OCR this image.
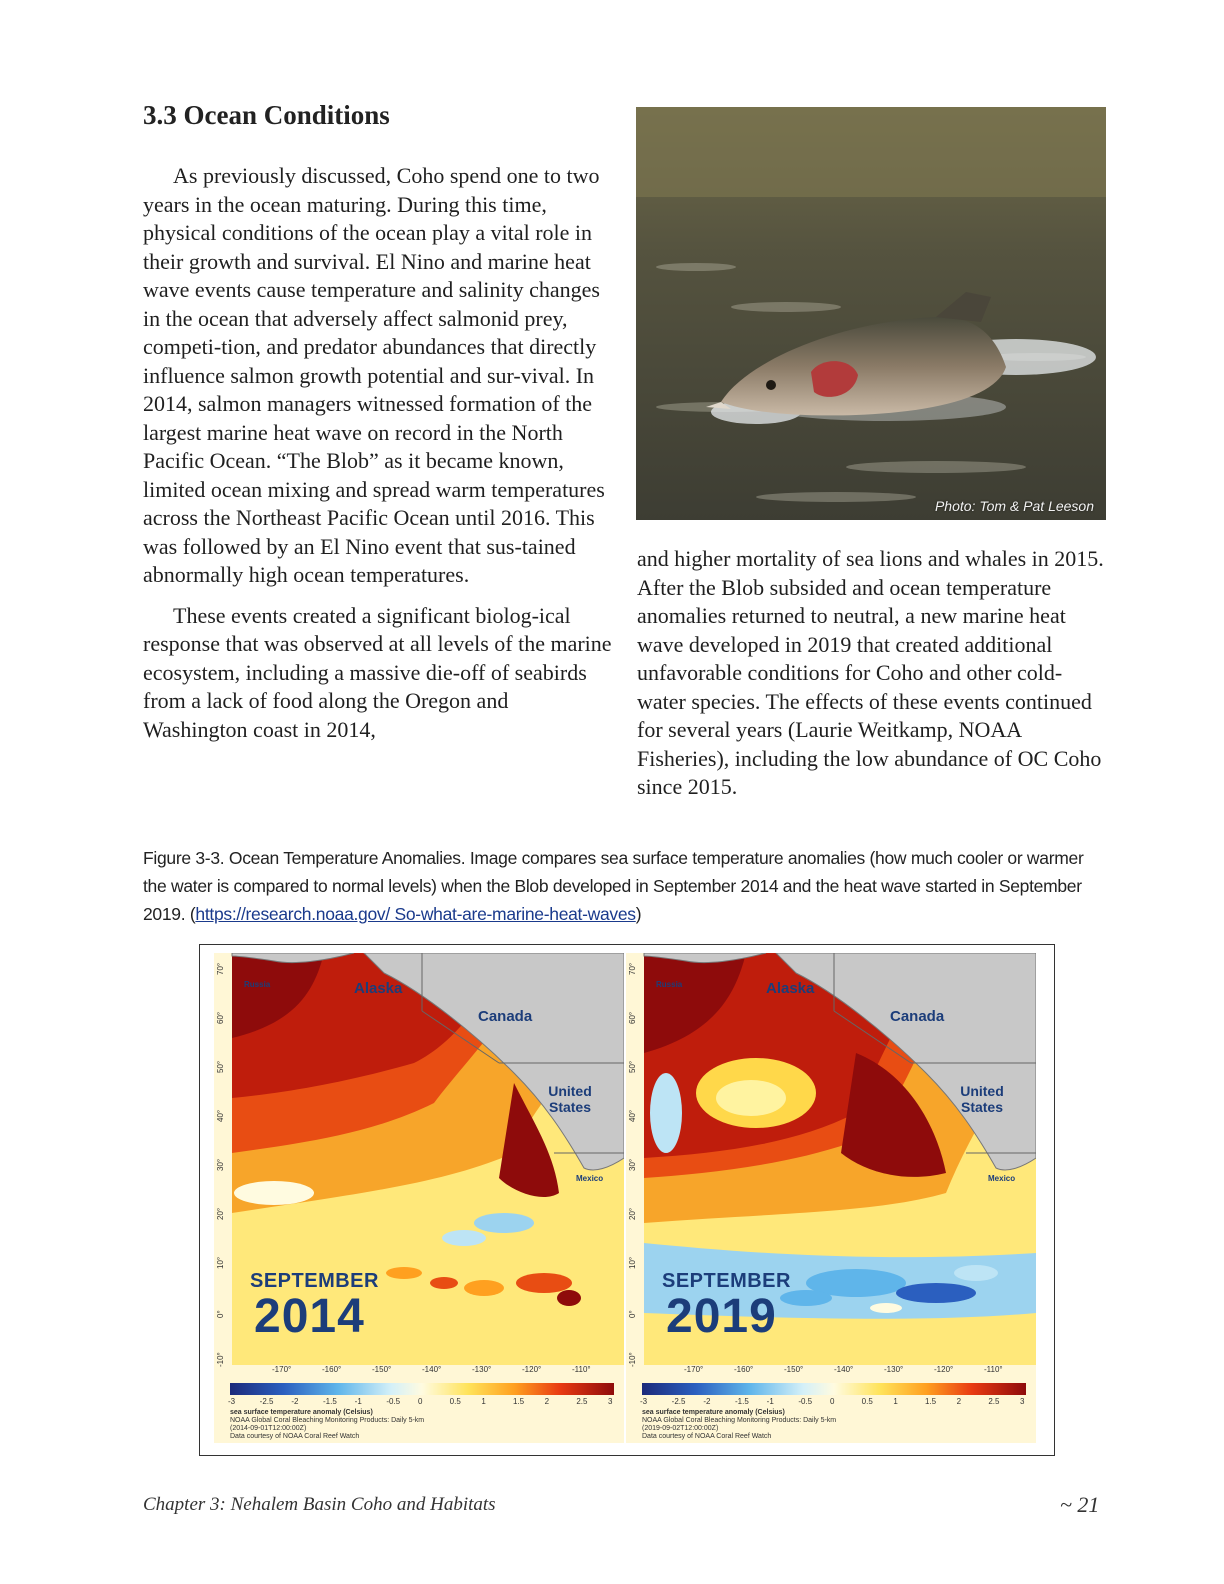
3.3 Ocean Conditions

As previously discussed, Coho spend one to two years in the ocean maturing. During this time, physical conditions of the ocean play a vital role in their growth and survival. El Nino and marine heat wave events cause temperature and salinity changes in the ocean that adversely affect salmonid prey, competi-tion, and predator abundances that directly influence salmon growth potential and sur-vival. In 2014, salmon managers witnessed formation of the largest marine heat wave on record in the North Pacific Ocean. “The Blob” as it became known, limited ocean mixing and spread warm temperatures across the Northeast Pacific Ocean until 2016. This was followed by an El Nino event that sus-tained abnormally high ocean temperatures.

These events created a significant biolog-ical response that was observed at all levels of the marine ecosystem, including a massive die-off of seabirds from a lack of food along the Oregon and Washington coast in 2014,

Photo: Tom & Pat Leeson

and higher mortality of sea lions and whales in 2015. After the Blob subsided and ocean temperature anomalies returned to neutral, a new marine heat wave developed in 2019 that created additional unfavorable conditions for Coho and other cold-water species. The effects of these events continued for several years (Laurie Weitkamp, NOAA Fisheries), including the low abundance of OC Coho since 2015.

Figure 3-3. Ocean Temperature Anomalies. Image compares sea surface temperature anomalies (how much cooler or warmer the water is compared to normal levels) when the Blob developed in September 2014 and the heat wave started in September 2019. (https://research.noaa.gov/ So-what-are-marine-heat-waves)
Russia	Alaska
Canada
United States
Mexico
SEPTEMBER
2014
70°
60°
50°
40°
30°
20°
10°
0°
-10°
-170°	-160°	-150°	-140°	-130°	-120°	-110°
-3	-2.5 -2	-1.5 -1	-0.5 0	0.5	1	1.5	2	2.5	3
sea surface temperature anomaly (Celsius)
NOAA Global Coral Bleaching Monitoring Products: Daily 5-km
(2014-09-01T12:00:00Z)
Data courtesy of NOAA Coral Reef Watch
Russia	Alaska
Canada
United States
Mexico
SEPTEMBER
2019
70°
60°
50°
40°
30°
20°
10°
0°
-10°
-170°	-160°	-150°	-140°	-130°	-120°	-110°
-3	-2.5 -2	-1.5 -1	-0.5 0	0.5	1	1.5	2	2.5	3
sea surface temperature anomaly (Celsius)
NOAA Global Coral Bleaching Monitoring Products: Daily 5-km
(2019-09-02T12:00:00Z)
Data courtesy of NOAA Coral Reef Watch
Chapter 3: Nehalem Basin Coho and Habitats	~ 21
